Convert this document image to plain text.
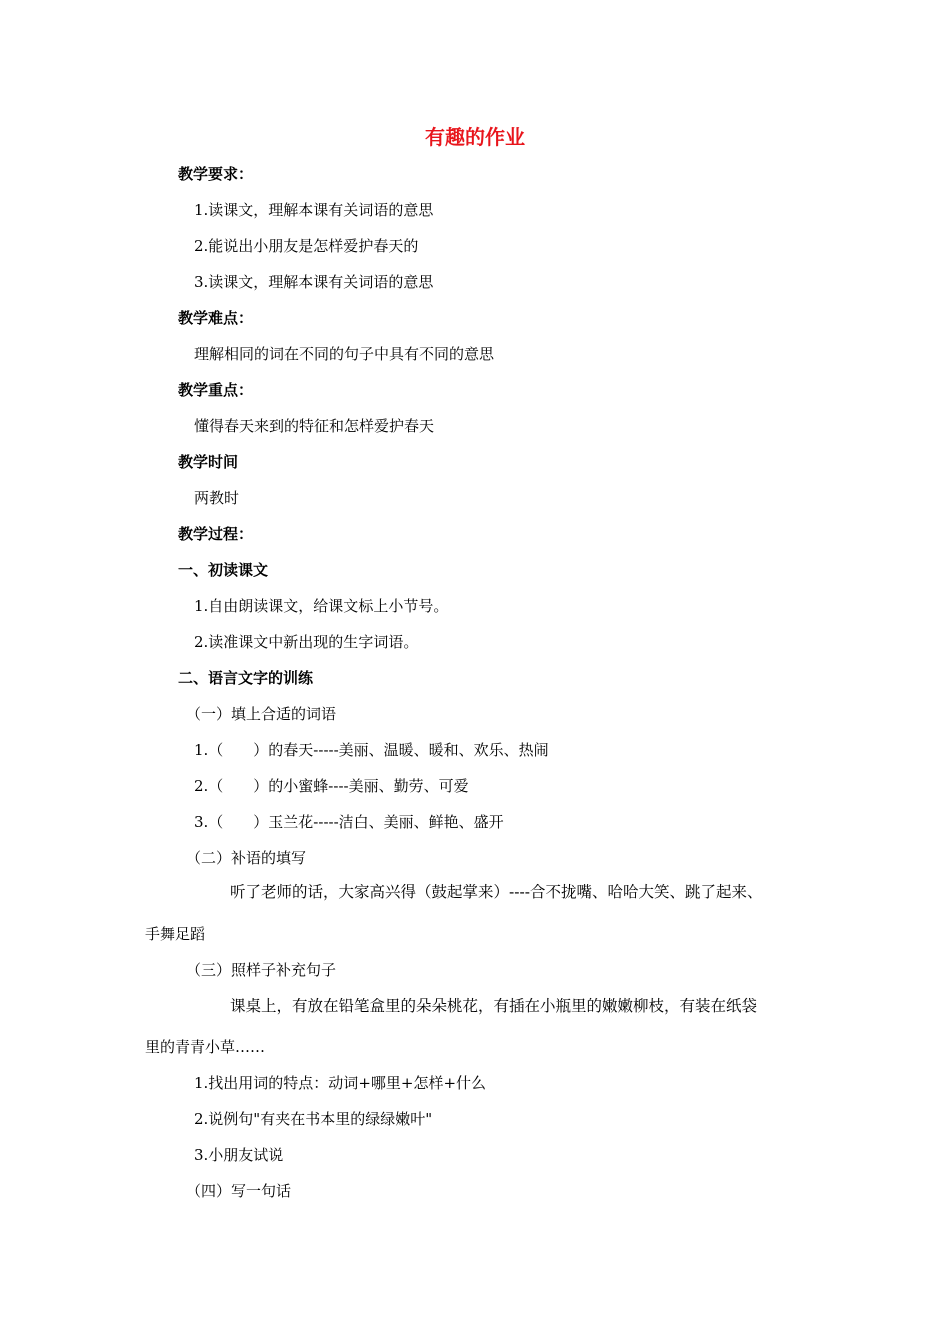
有趣的作业
教学要求：
1.读课文，理解本课有关词语的意思
2.能说出小朋友是怎样爱护春天的
3.读课文，理解本课有关词语的意思
教学难点：
理解相同的词在不同的句子中具有不同的意思
教学重点：
懂得春天来到的特征和怎样爱护春天
教学时间
两教时
教学过程：
一、初读课文
1.自由朗读课文，给课文标上小节号。
2.读准课文中新出现的生字词语。
二、语言文字的训练
（一）填上合适的词语
1.（　　）的春天-----美丽、温暖、暖和、欢乐、热闹
2.（　　）的小蜜蜂----美丽、勤劳、可爱
3.（　　）玉兰花-----洁白、美丽、鲜艳、盛开
（二）补语的填写
听了老师的话，大家高兴得（鼓起掌来）----合不拢嘴、哈哈大笑、跳了起来、
手舞足蹈
（三）照样子补充句子
课桌上，有放在铅笔盒里的朵朵桃花，有插在小瓶里的嫩嫩柳枝，有装在纸袋
里的青青小草……
1.找出用词的特点：动词+哪里+怎样+什么
2.说例句"有夹在书本里的绿绿嫩叶"
3.小朋友试说
（四）写一句话
